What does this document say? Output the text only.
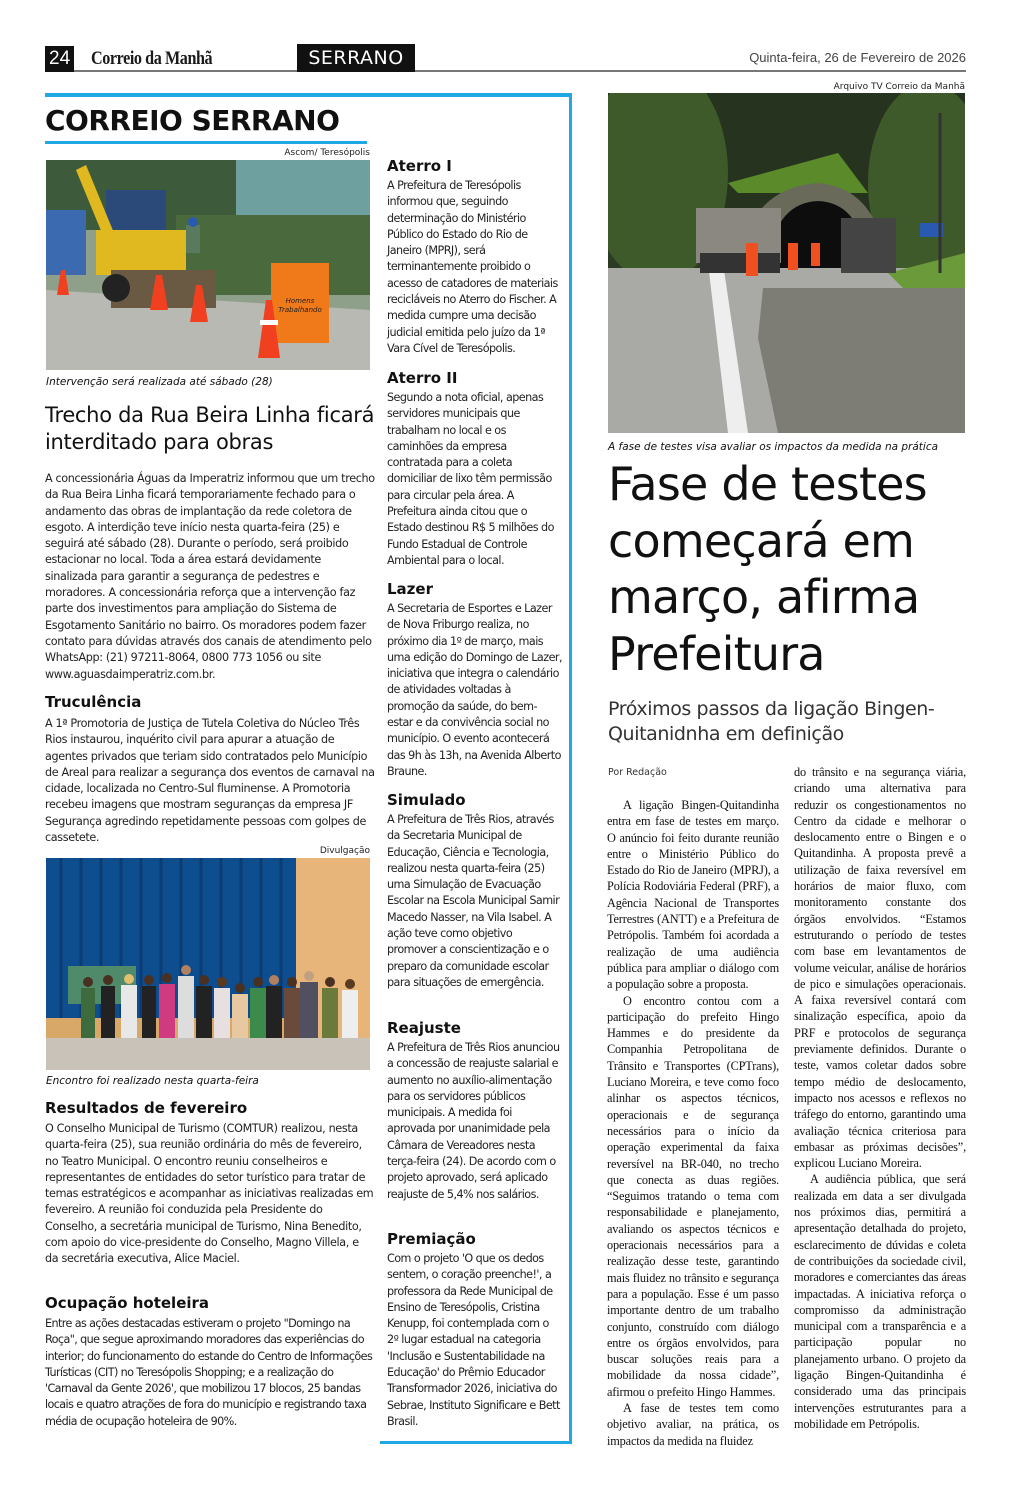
24 Correio da Manhã	SERRANO	Quinta-feira, 26 de Fevereiro de 2026
CORREIO SERRANO
Ascom/ Teresópolis
Homens
Trabalhando
Intervenção será realizada até sábado (28)
Trecho da Rua Beira Linha ficará interditado para obras
A concessionária Águas da Imperatriz informou que um trecho da Rua Beira Linha ficará temporariamente fechado para o andamento das obras de implantação da rede coletora de esgoto. A interdição teve início nesta quarta-feira (25) e seguirá até sábado (28). Durante o período, será proibido estacionar no local. Toda a área estará devidamente sinalizada para garantir a segurança de pedestres e moradores. A concessionária reforça que a intervenção faz parte dos investimentos para ampliação do Sistema de Esgotamento Sanitário no bairro. Os moradores podem fazer contato para dúvidas através dos canais de atendimento pelo WhatsApp: (21) 97211-8064, 0800 773 1056 ou site www.aguasdaimperatriz.com.br.
Truculência
A 1ª Promotoria de Justiça de Tutela Coletiva do Núcleo Três Rios instaurou, inquérito civil para apurar a atuação de agentes privados que teriam sido contratados pelo Município de Areal para realizar a segurança dos eventos de carnaval na cidade, localizada no Centro-Sul fluminense. A Promotoria recebeu imagens que mostram seguranças da empresa JF Segurança agredindo repetidamente pessoas com golpes de cassetete.
Divulgação
Encontro foi realizado nesta quarta-feira
Resultados de fevereiro
O Conselho Municipal de Turismo (COMTUR) realizou, nesta quarta-feira (25), sua reunião ordinária do mês de fevereiro, no Teatro Municipal. O encontro reuniu conselheiros e representantes de entidades do setor turístico para tratar de temas estratégicos e acompanhar as iniciativas realizadas em fevereiro. A reunião foi conduzida pela Presidente do Conselho, a secretária municipal de Turismo, Nina Benedito, com apoio do vice-presidente do Conselho, Magno Villela, e da secretária executiva, Alice Maciel.
Ocupação hoteleira
Entre as ações destacadas estiveram o projeto "Domingo na Roça", que segue aproximando moradores das experiências do interior; do funcionamento do estande do Centro de Informações Turísticas (CIT) no Teresópolis Shopping; e a realização do 'Carnaval da Gente 2026', que mobilizou 17 blocos, 25 bandas locais e quatro atrações de fora do município e registrando taxa média de ocupação hoteleira de 90%.
Aterro I
A Prefeitura de Teresópolis informou que, seguindo determinação do Ministério Público do Estado do Rio de Janeiro (MPRJ), será terminantemente proibido o acesso de catadores de materiais recicláveis no Aterro do Fischer. A medida cumpre uma decisão judicial emitida pelo juízo da 1ª Vara Cível de Teresópolis.
Aterro II
Segundo a nota oficial, apenas servidores municipais que trabalham no local e os caminhões da empresa contratada para a coleta domiciliar de lixo têm permissão para circular pela área. A Prefeitura ainda citou que o Estado destinou R$ 5 milhões do Fundo Estadual de Controle Ambiental para o local.
Lazer
A Secretaria de Esportes e Lazer de Nova Friburgo realiza, no próximo dia 1º de março, mais uma edição do Domingo de Lazer, iniciativa que integra o calendário de atividades voltadas à promoção da saúde, do bem-estar e da convivência social no município. O evento acontecerá das 9h às 13h, na Avenida Alberto Braune.
Simulado
A Prefeitura de Três Rios, através da Secretaria Municipal de Educação, Ciência e Tecnologia, realizou nesta quarta-feira (25) uma Simulação de Evacuação Escolar na Escola Municipal Samir Macedo Nasser, na Vila Isabel. A ação teve como objetivo promover a conscientização e o preparo da comunidade escolar para situações de emergência.
Reajuste
A Prefeitura de Três Rios anunciou a concessão de reajuste salarial e aumento no auxílio-alimentação para os servidores públicos municipais. A medida foi aprovada por unanimidade pela Câmara de Vereadores nesta terça-feira (24). De acordo com o projeto aprovado, será aplicado reajuste de 5,4% nos salários.
Premiação
Com o projeto 'O que os dedos sentem, o coração preenche!', a professora da Rede Municipal de Ensino de Teresópolis, Cristina Kenupp, foi contemplada com o 2º lugar estadual na categoria 'Inclusão e Sustentabilidade na Educação' do Prêmio Educador Transformador 2026, iniciativa do Sebrae, Instituto Significare e Bett Brasil.
Arquivo TV Correio da Manhã
A fase de testes visa avaliar os impactos da medida na prática
Fase de testes começará em março, afirma Prefeitura
Próximos passos da ligação Bingen-Quitanidnha em definição
Por Redação

A ligação Bingen-Quitandinha entra em fase de testes em março. O anúncio foi feito durante reunião entre o Ministério Público do Estado do Rio de Janeiro (MPRJ), a Polícia Rodoviária Federal (PRF), a Agência Nacional de Transportes Terrestres (ANTT) e a Prefeitura de Petrópolis. Também foi acordada a realização de uma audiência pública para ampliar o diálogo com a população sobre a proposta.

O encontro contou com a participação do prefeito Hingo Hammes e do presidente da Companhia Petropolitana de Trânsito e Transportes (CPTrans), Luciano Moreira, e teve como foco alinhar os aspectos técnicos, operacionais e de segurança necessários para o início da operação experimental da faixa reversível na BR-040, no trecho que conecta as duas regiões. “Seguimos tratando o tema com responsabilidade e planejamento, avaliando os aspectos técnicos e operacionais necessários para a realização desse teste, garantindo mais fluidez no trânsito e segurança para a população. Esse é um passo importante dentro de um trabalho conjunto, construído com diálogo entre os órgãos envolvidos, para buscar soluções reais para a mobilidade da nossa cidade”, afirmou o prefeito Hingo Hammes.

A fase de testes tem como objetivo avaliar, na prática, os impactos da medida na fluidez

do trânsito e na segurança viária, criando uma alternativa para reduzir os congestionamentos no Centro da cidade e melhorar o deslocamento entre o Bingen e o Quitandinha. A proposta prevê a utilização de faixa reversível em horários de maior fluxo, com monitoramento constante dos órgãos envolvidos. “Estamos estruturando o período de testes com base em levantamentos de volume veicular, análise de horários de pico e simulações operacionais. A faixa reversível contará com sinalização específica, apoio da PRF e protocolos de segurança previamente definidos. Durante o teste, vamos coletar dados sobre tempo médio de deslocamento, impacto nos acessos e reflexos no tráfego do entorno, garantindo uma avaliação técnica criteriosa para embasar as próximas decisões”, explicou Luciano Moreira.

A audiência pública, que será realizada em data a ser divulgada nos próximos dias, permitirá a apresentação detalhada do projeto, esclarecimento de dúvidas e coleta de contribuições da sociedade civil, moradores e comerciantes das áreas impactadas. A iniciativa reforça o compromisso da administração municipal com a transparência e a participação popular no planejamento urbano. O projeto da ligação Bingen-Quitandinha é considerado uma das principais intervenções estruturantes para a mobilidade em Petrópolis.
